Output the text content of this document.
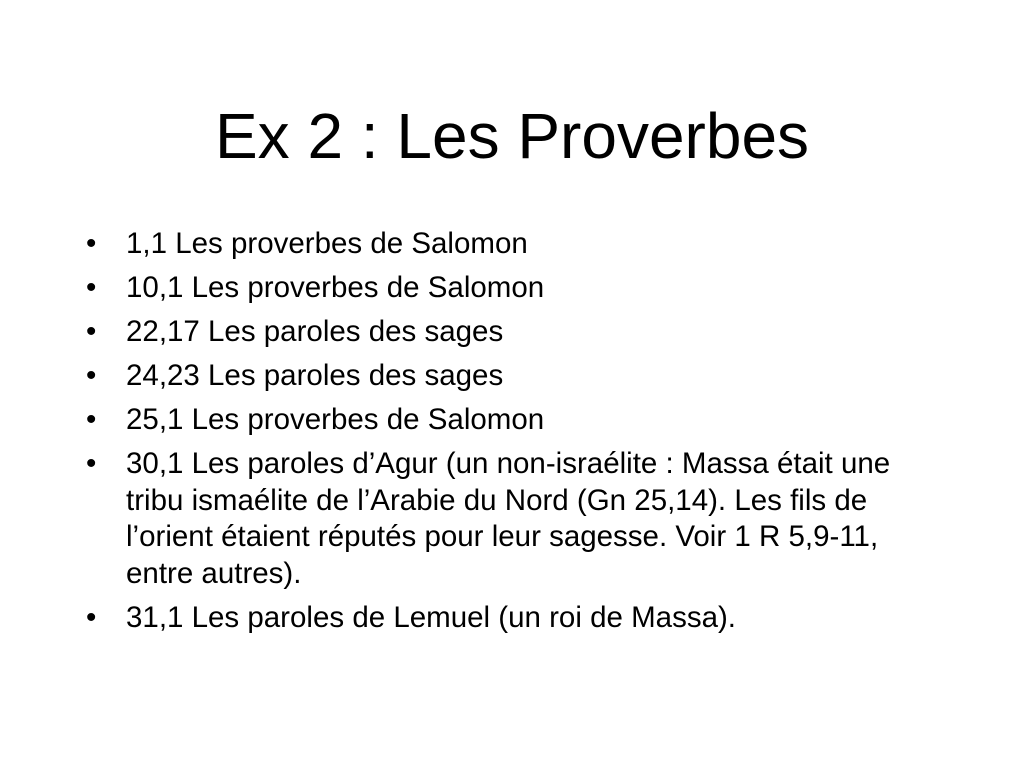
Ex 2 : Les Proverbes
•	1,1 Les proverbes de Salomon
•	10,1 Les proverbes de Salomon
•	22,17 Les paroles des sages
•	24,23 Les paroles des sages
•	25,1 Les proverbes de Salomon
•	30,1 Les paroles d’Agur (un non-israélite : Massa était une tribu ismaélite de l’Arabie du Nord (Gn 25,14). Les fils de l’orient étaient réputés pour leur sagesse. Voir 1 R 5,9-11, entre autres).
•	31,1 Les paroles de Lemuel (un roi de Massa).
